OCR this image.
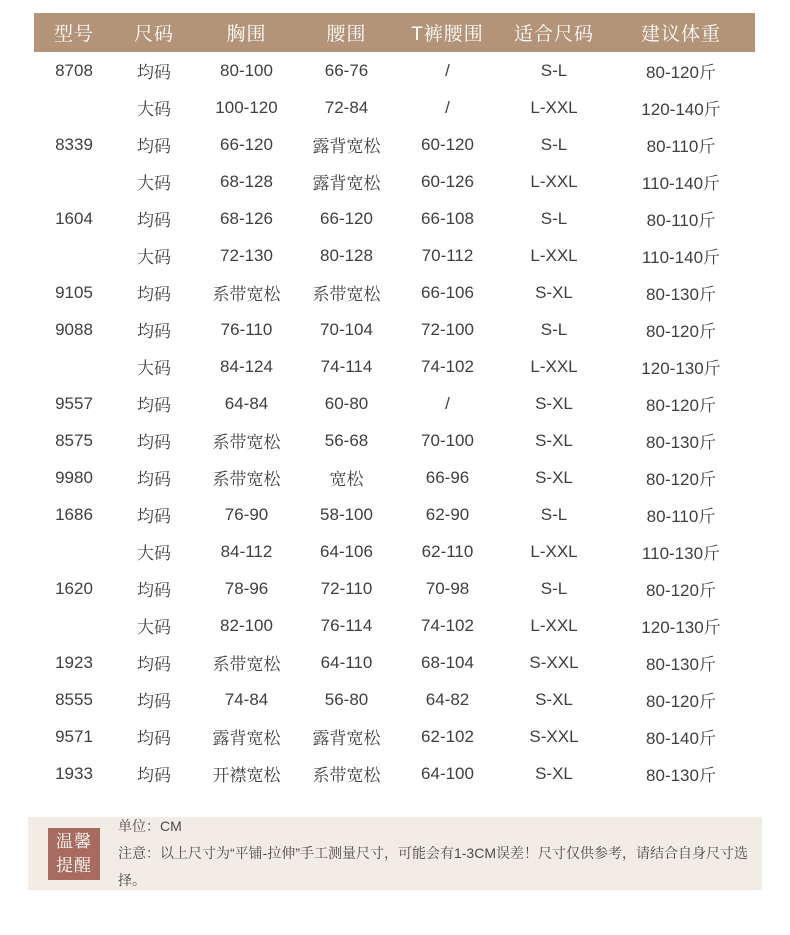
型号	尺码	胸围	腰围	T裤腰围	适合尺码	建议体重
8708	均码	80-100	66-76	/	S-L	80-120斤
	大码	100-120	72-84	/	L-XXL	120-140斤
8339	均码	66-120	露背宽松	60-120	S-L	80-110斤
	大码	68-128	露背宽松	60-126	L-XXL	110-140斤
1604	均码	68-126	66-120	66-108	S-L	80-110斤
	大码	72-130	80-128	70-112	L-XXL	110-140斤
9105	均码	系带宽松	系带宽松	66-106	S-XL	80-130斤
9088	均码	76-110	70-104	72-100	S-L	80-120斤
	大码	84-124	74-114	74-102	L-XXL	120-130斤
9557	均码	64-84	60-80	/	S-XL	80-120斤
8575	均码	系带宽松	56-68	70-100	S-XL	80-130斤
9980	均码	系带宽松	宽松	66-96	S-XL	80-120斤
1686	均码	76-90	58-100	62-90	S-L	80-110斤
	大码	84-112	64-106	62-110	L-XXL	110-130斤
1620	均码	78-96	72-110	70-98	S-L	80-120斤
	大码	82-100	76-114	74-102	L-XXL	120-130斤
1923	均码	系带宽松	64-110	68-104	S-XXL	80-130斤
8555	均码	74-84	56-80	64-82	S-XL	80-120斤
9571	均码	露背宽松	露背宽松	62-102	S-XXL	80-140斤
1933	均码	开襟宽松	系带宽松	64-100	S-XL	80-130斤
温馨
提醒
单位：CM
注意：以上尺寸为“平铺-拉伸”手工测量尺寸，可能会有1-3CM误差！尺寸仅供参考，请结合自身尺寸选择。
